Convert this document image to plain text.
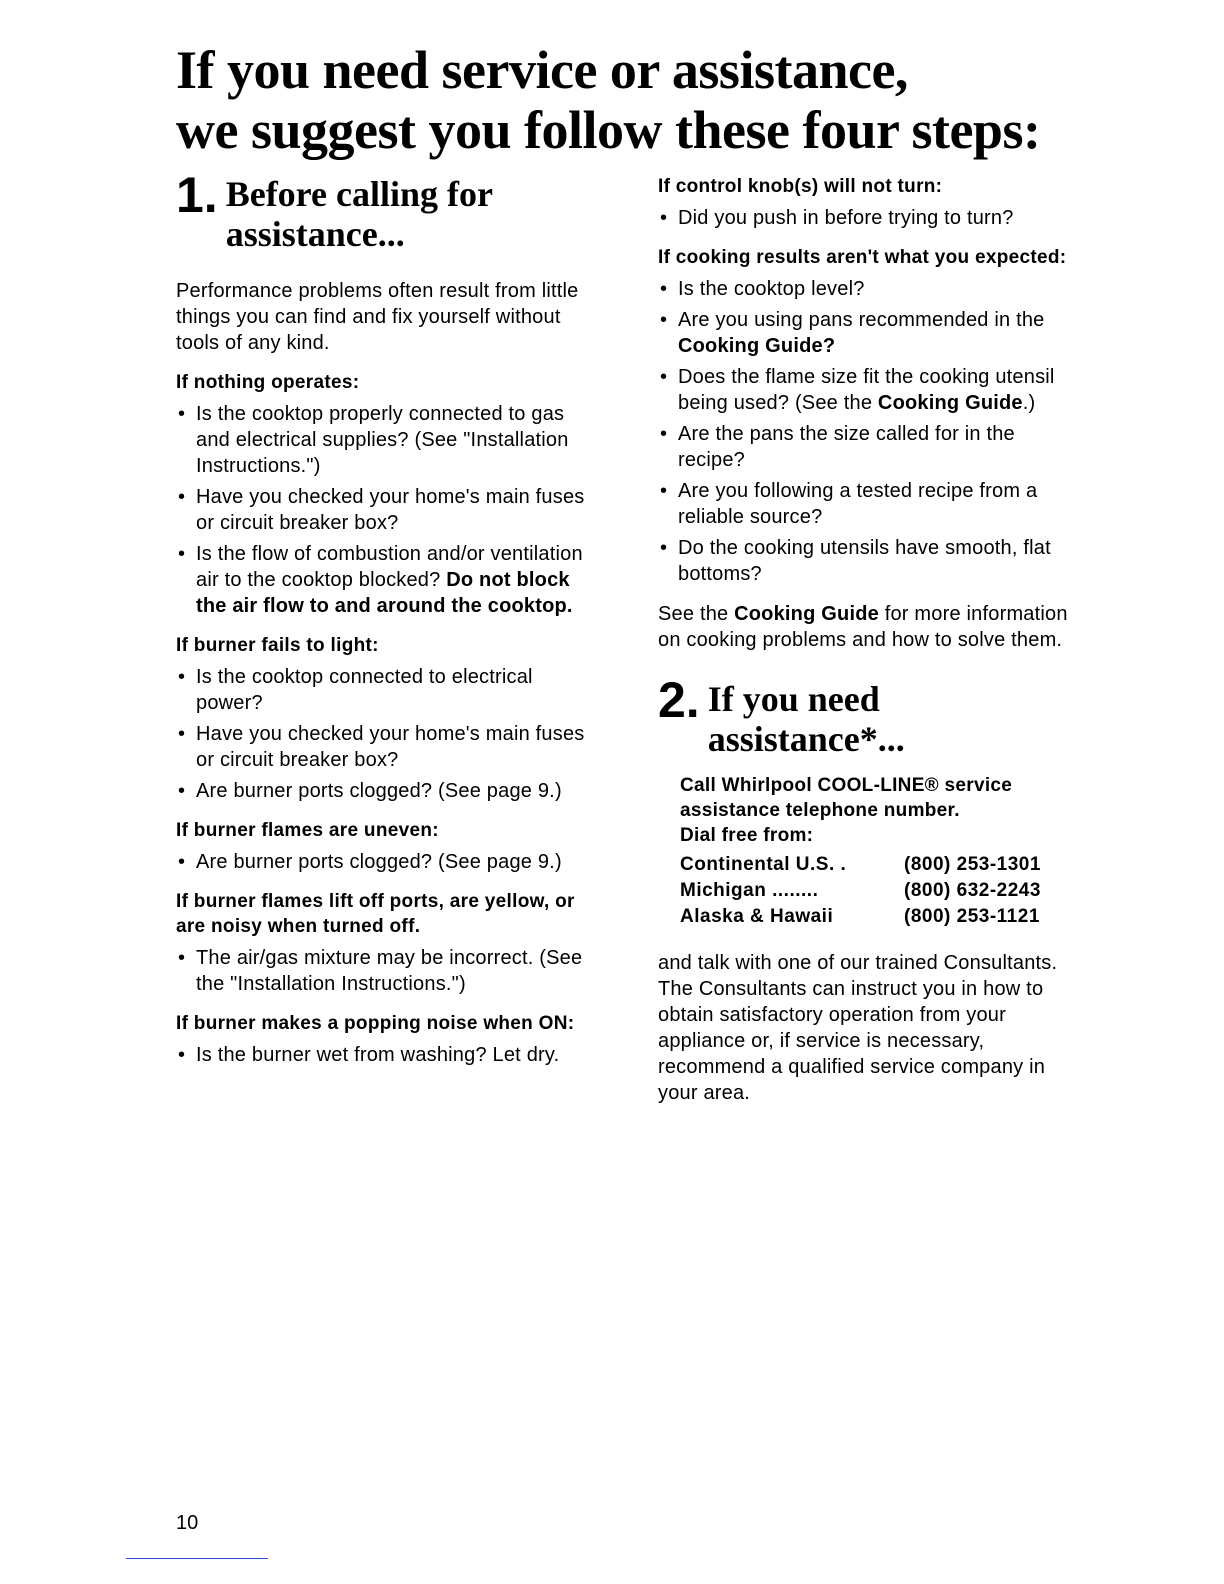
If you need service or assistance,
we suggest you follow these four steps:
1. Before calling for
assistance...

Performance problems often result from little things you can find and fix yourself without tools of any kind.

If nothing operates:
• Is the cooktop properly connected to gas and electrical supplies? (See "Installation Instructions.")
• Have you checked your home's main fuses or circuit breaker box?
• Is the flow of combustion and/or ventilation air to the cooktop blocked? Do not block the air flow to and around the cooktop.
If burner fails to light:
• Is the cooktop connected to electrical power?
• Have you checked your home's main fuses or circuit breaker box?
• Are burner ports clogged? (See page 9.)
If burner flames are uneven:
• Are burner ports clogged? (See page 9.)
If burner flames lift off ports, are yellow, or are noisy when turned off.
• The air/gas mixture may be incorrect. (See the "Installation Instructions.")
If burner makes a popping noise when ON:
• Is the burner wet from washing? Let dry.
If control knob(s) will not turn:
• Did you push in before trying to turn?
If cooking results aren't what you expected:
• Is the cooktop level?
• Are you using pans recommended in the Cooking Guide?
• Does the flame size fit the cooking utensil being used? (See the Cooking Guide.)
• Are the pans the size called for in the recipe?
• Are you following a tested recipe from a reliable source?
• Do the cooking utensils have smooth, flat bottoms?

See the Cooking Guide for more information on cooking problems and how to solve them.

2. If you need
assistance*...
Call Whirlpool COOL-LINE® service assistance telephone number.
Dial free from:
Continental U.S. .	(800) 253-1301
Michigan ........	(800) 632-2243
Alaska & Hawaii	(800) 253-1121

and talk with one of our trained Consultants. The Consultants can instruct you in how to obtain satisfactory operation from your appliance or, if service is necessary, recommend a qualified service company in your area.

10
